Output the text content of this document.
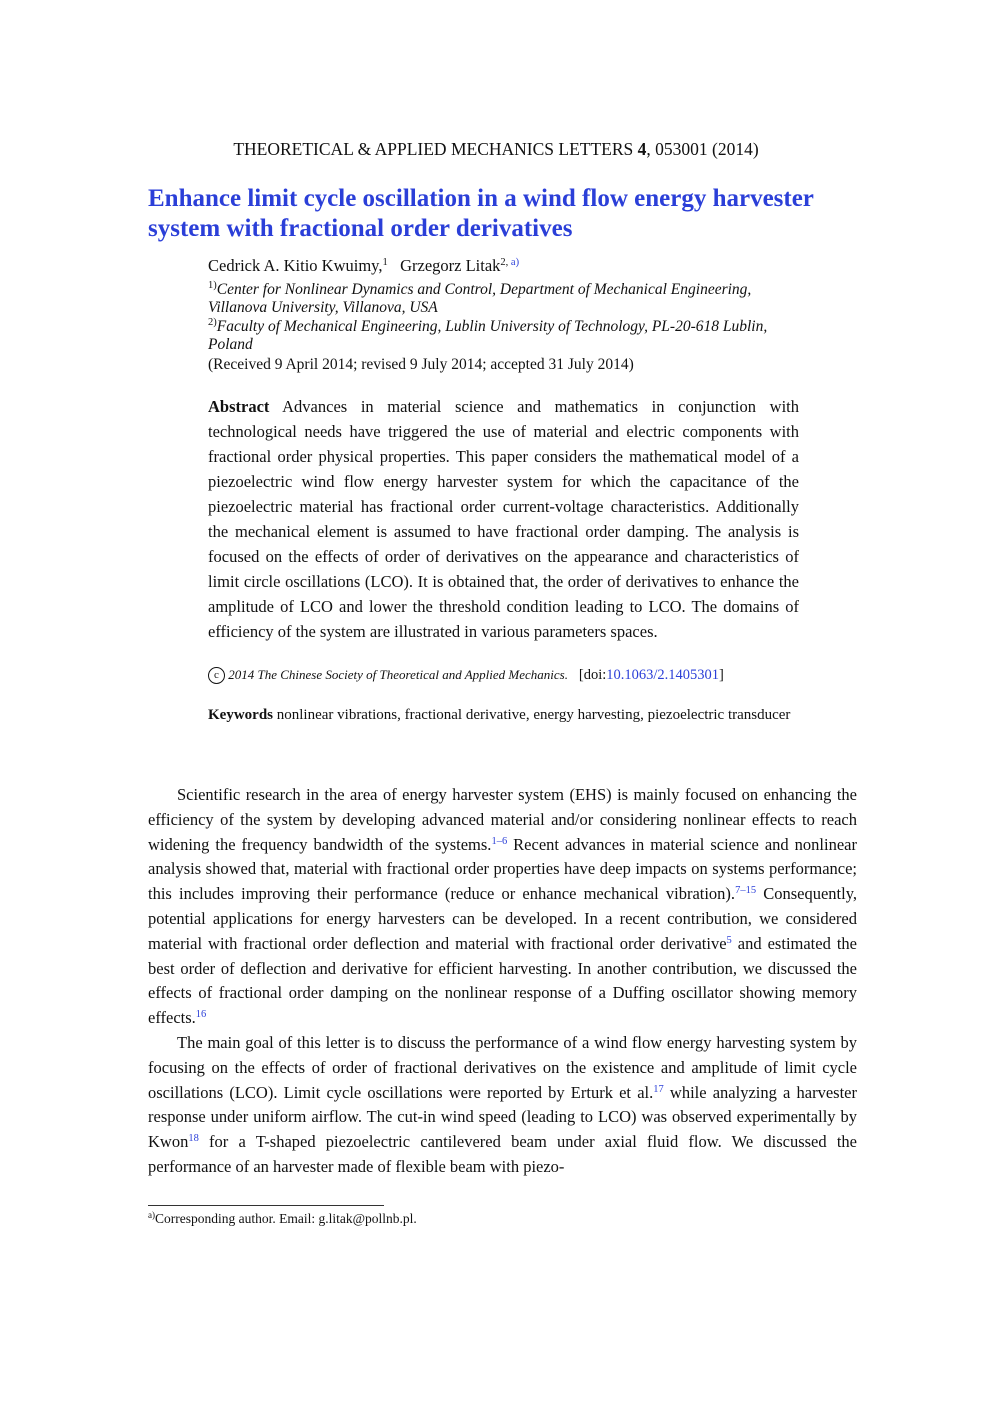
THEORETICAL & APPLIED MECHANICS LETTERS 4, 053001 (2014)
Enhance limit cycle oscillation in a wind flow energy harvester system with fractional order derivatives
Cedrick A. Kitio Kwuimy,$^1$ Grzegorz Litak$^{2, a)}$
$^{1)}$Center for Nonlinear Dynamics and Control, Department of Mechanical Engineering,
Villanova University, Villanova, USA
$^{2)}$Faculty of Mechanical Engineering, Lublin University of Technology, PL-20-618 Lublin,
Poland
(Received 9 April 2014; revised 9 July 2014; accepted 31 July 2014)
Abstract Advances in material science and mathematics in conjunction with technological needs have triggered the use of material and electric components with fractional order physical properties. This paper considers the mathematical model of a piezoelectric wind flow energy harvester system for which the capacitance of the piezoelectric material has fractional order current-voltage characteristics. Additionally the mechanical element is assumed to have fractional order damping. The analysis is focused on the effects of order of derivatives on the appearance and characteristics of limit circle oscillations (LCO). It is obtained that, the order of derivatives to enhance the amplitude of LCO and lower the threshold condition leading to LCO. The domains of efficiency of the system are illustrated in various parameters spaces.
c 2014 The Chinese Society of Theoretical and Applied Mechanics. [doi:10.1063/2.1405301]
Keywords nonlinear vibrations, fractional derivative, energy harvesting, piezoelectric transducer

Scientific research in the area of energy harvester system (EHS) is mainly focused on enhancing the efficiency of the system by developing advanced material and/or considering nonlinear effects to reach widening the frequency bandwidth of the systems.$^{1-6}$ Recent advances in material science and nonlinear analysis showed that, material with fractional order properties have deep impacts on systems performance; this includes improving their performance (reduce or enhance mechanical vibration).$^{7-15}$ Consequently, potential applications for energy harvesters can be developed. In a recent contribution, we considered material with fractional order deflection and material with fractional order derivative$^5$ and estimated the best order of deflection and derivative for efficient harvesting. In another contribution, we discussed the effects of fractional order damping on the nonlinear response of a Duffing oscillator showing memory effects.$^{16}$

The main goal of this letter is to discuss the performance of a wind flow energy harvesting system by focusing on the effects of order of fractional derivatives on the existence and amplitude of limit cycle oscillations (LCO). Limit cycle oscillations were reported by Erturk et al.$^{17}$ while analyzing a harvester response under uniform airflow. The cut-in wind speed (leading to LCO) was observed experimentally by Kwon$^{18}$ for a T-shaped piezoelectric cantilevered beam under axial fluid flow. We discussed the performance of an harvester made of flexible beam with piezo-

$^{a)}$Corresponding author. Email: g.litak@pollnb.pl.
